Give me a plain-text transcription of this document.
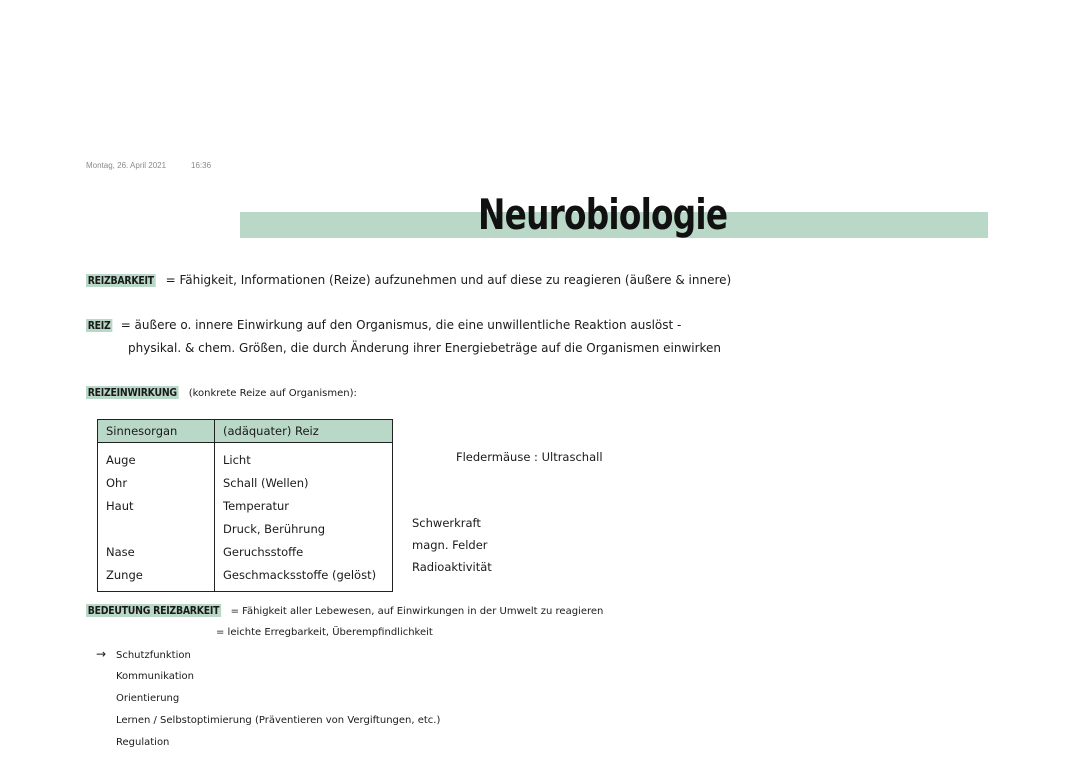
Montag, 26. April 2021	16:36
Neurobiologie
REIZBARKEIT = Fähigkeit, Informationen (Reize) aufzunehmen und auf diese zu reagieren (äußere & innere)
REIZ = äußere o. innere Einwirkung auf den Organismus, die eine unwillentliche Reaktion auslöst -
physikal. & chem. Größen, die durch Änderung ihrer Energiebeträge auf die Organismen einwirken
REIZEINWIRKUNG (konkrete Reize auf Organismen):
Sinnesorgan	(adäquater) Reiz
Auge	Licht
Ohr	Schall (Wellen)
Haut	Temperatur
	Druck, Berührung
Nase	Geruchsstoffe
Zunge	Geschmacksstoffe (gelöst)
Fledermäuse : Ultraschall
Schwerkraft
magn. Felder
Radioaktivität
BEDEUTUNG REIZBARKEIT = Fähigkeit aller Lebewesen, auf Einwirkungen in der Umwelt zu reagieren
= leichte Erregbarkeit, Überempfindlichkeit
→ Schutzfunktion
Kommunikation
Orientierung
Lernen / Selbstoptimierung (Präventieren von Vergiftungen, etc.)
Regulation
